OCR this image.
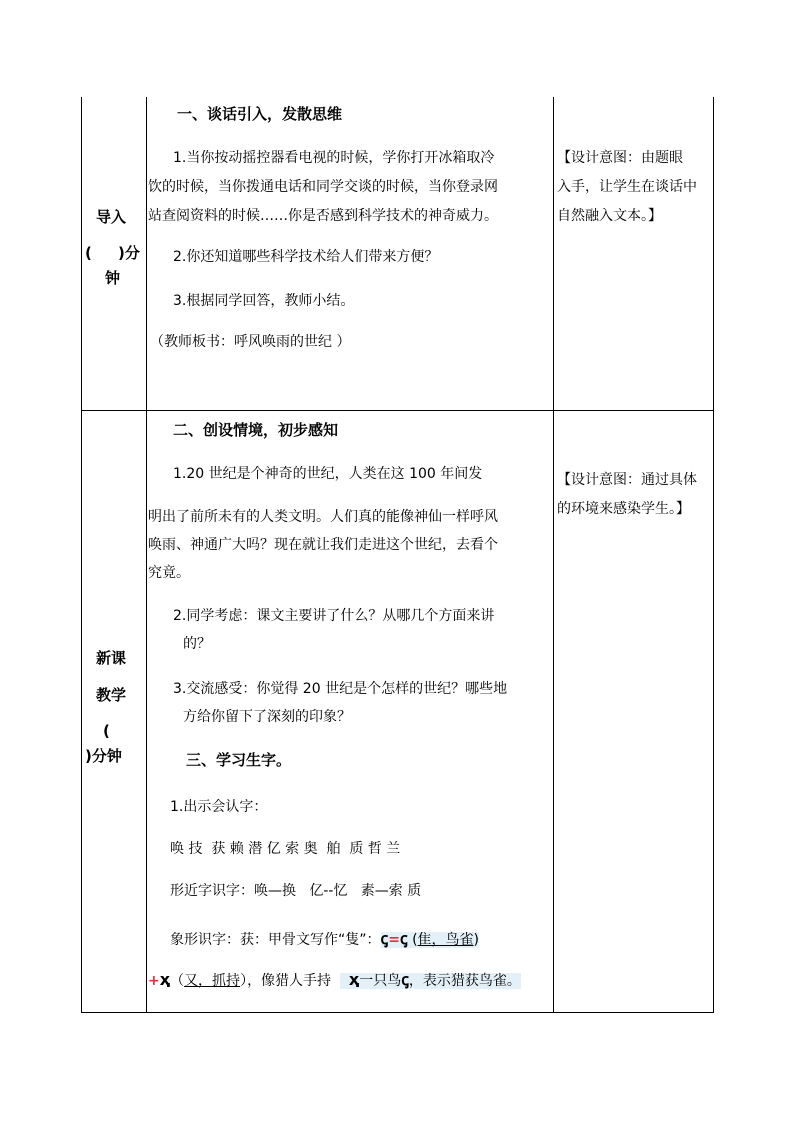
导入
(     )分
钟
一、谈话引入，发散思维
1.当你按动摇控器看电视的时候，学你打开冰箱取冷
饮的时候，当你拨通电话和同学交谈的时候，当你登录网
站查阅资料的时候……你是否感到科学技术的神奇威力。
2.你还知道哪些科学技术给人们带来方便？
3.根据同学回答，教师小结。
（教师板书：呼风唤雨的世纪 ）
【设计意图：由题眼
入手，让学生在谈话中
自然融入文本。】
新课
教学
(
)分钟
二、创设情境，初步感知
1.20 世纪是个神奇的世纪，人类在这 100 年间发
明出了前所未有的人类文明。人们真的能像神仙一样呼风
唤雨、神通广大吗？现在就让我们走进这个世纪，去看个
究竟。
2.同学考虑：课文主要讲了什么？从哪几个方面来讲
的？
3.交流感受：你觉得 20 世纪是个怎样的世纪？哪些地
方给你留下了深刻的印象？
三、学习生字。
1.出示会认字：
唤 技  获 赖 潜 亿 索 奥  舶  质 哲 兰
形近字识字：唤—换   亿--忆   素—索 质
象形识字：获：甲骨文写作“隻”：ꞔ=ꞔ (隹，鸟雀)
+ҳ（又，抓持），像猎人手持 ҳ一只鸟ꞔ，表示猎获鸟雀。
【设计意图：通过具体
的环境来感染学生。】
